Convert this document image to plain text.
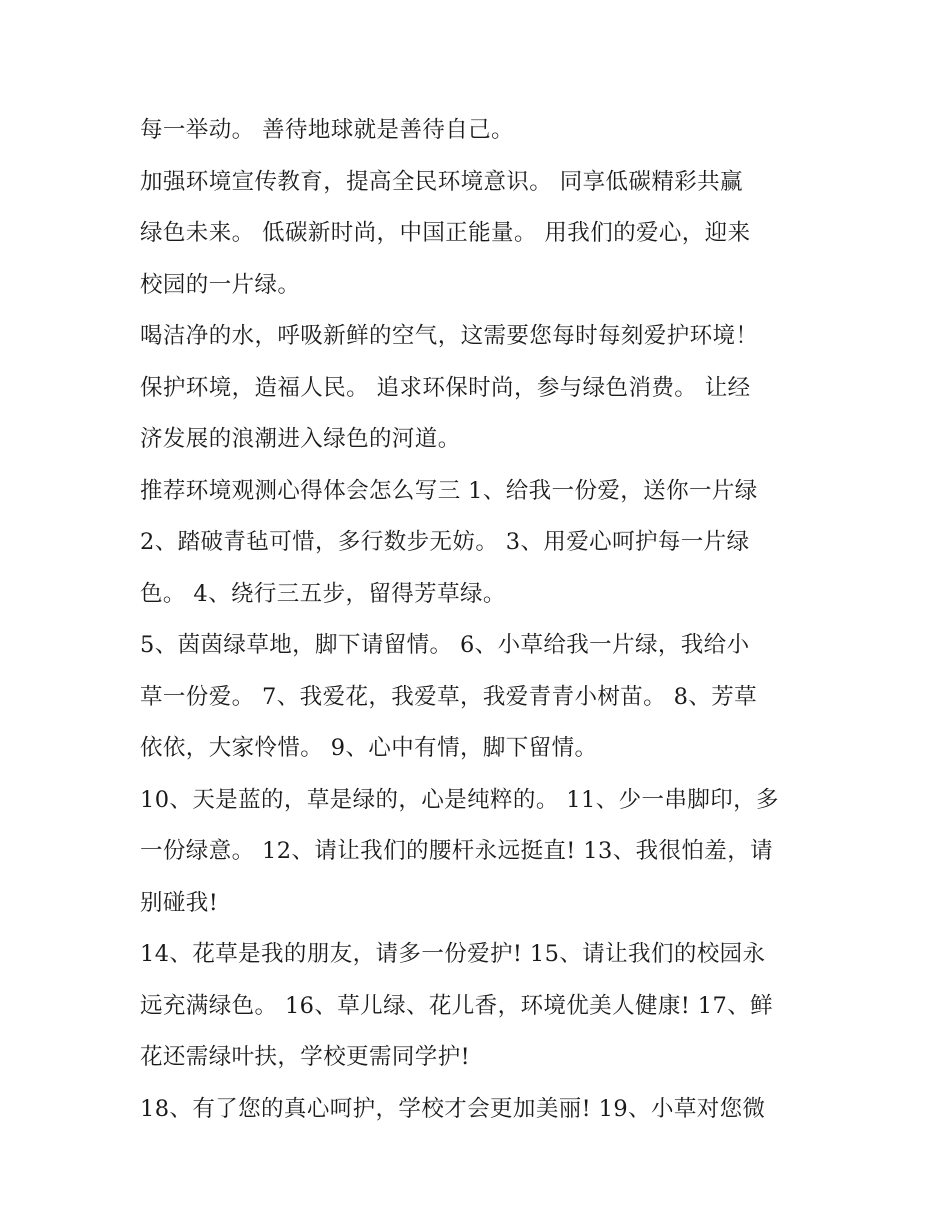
每一举动。 善待地球就是善待自己。
加强环境宣传教育，提高全民环境意识。 同享低碳精彩共赢
绿色未来。 低碳新时尚，中国正能量。 用我们的爱心，迎来
校园的一片绿。
喝洁净的水，呼吸新鲜的空气，这需要您每时每刻爱护环境！
保护环境，造福人民。 追求环保时尚，参与绿色消费。 让经
济发展的浪潮进入绿色的河道。
推荐环境观测心得体会怎么写三 1、给我一份爱，送你一片绿
2、踏破青毡可惜，多行数步无妨。 3、用爱心呵护每一片绿
色。 4、绕行三五步，留得芳草绿。
5、茵茵绿草地，脚下请留情。 6、小草给我一片绿，我给小
草一份爱。 7、我爱花，我爱草，我爱青青小树苗。 8、芳草
依依，大家怜惜。 9、心中有情，脚下留情。
10、天是蓝的，草是绿的，心是纯粹的。 11、少一串脚印，多
一份绿意。 12、请让我们的腰杆永远挺直! 13、我很怕羞，请
别碰我!
14、花草是我的朋友，请多一份爱护! 15、请让我们的校园永
远充满绿色。 16、草儿绿、花儿香，环境优美人健康! 17、鲜
花还需绿叶扶，学校更需同学护!
18、有了您的真心呵护，学校才会更加美丽! 19、小草对您微
